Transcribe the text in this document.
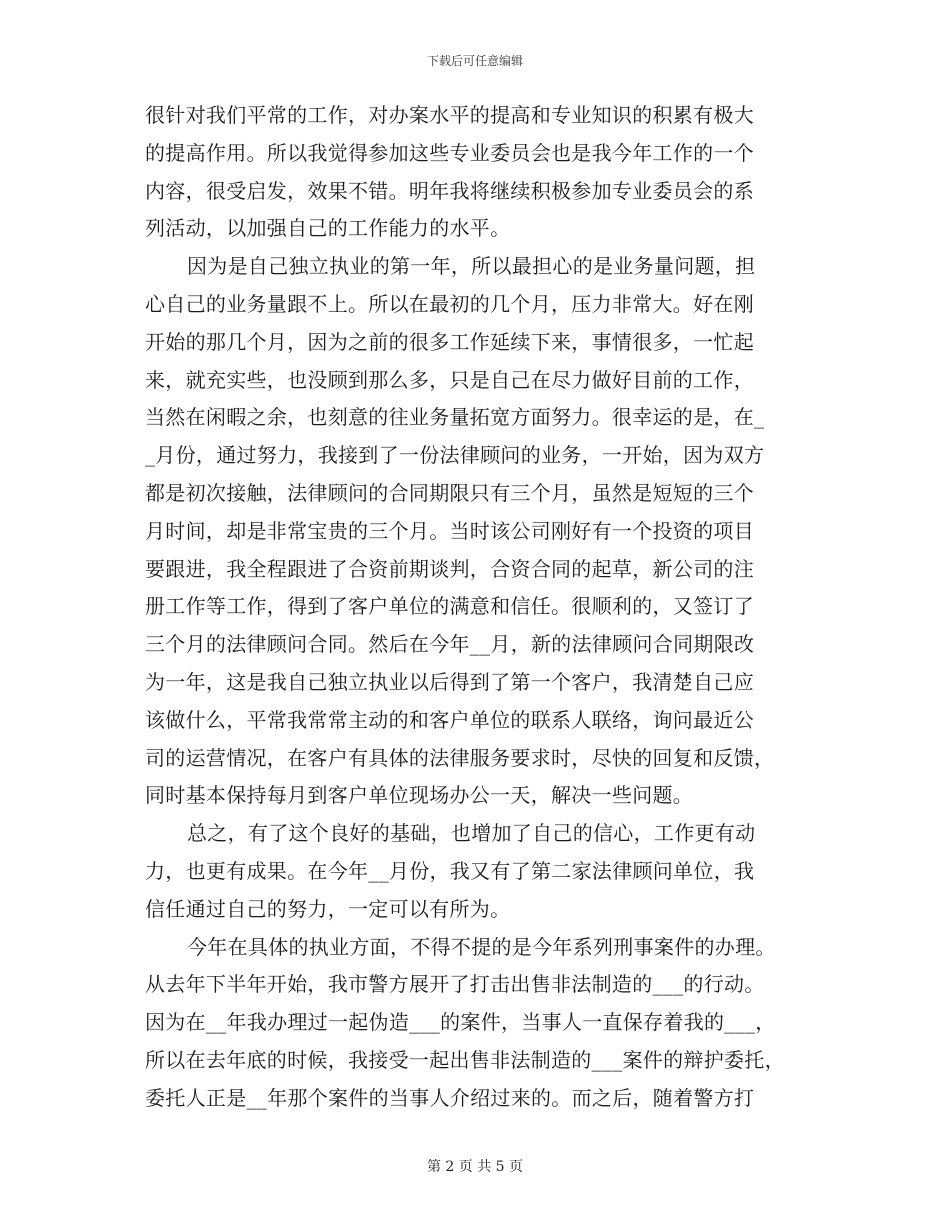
下载后可任意编辑
很针对我们平常的工作，对办案水平的提高和专业知识的积累有极大
的提高作用。所以我觉得参加这些专业委员会也是我今年工作的一个
内容，很受启发，效果不错。明年我将继续积极参加专业委员会的系
列活动，以加强自己的工作能力的水平。
因为是自己独立执业的第一年，所以最担心的是业务量问题，担
心自己的业务量跟不上。所以在最初的几个月，压力非常大。好在刚
开始的那几个月，因为之前的很多工作延续下来，事情很多，一忙起
来，就充实些，也没顾到那么多，只是自己在尽力做好目前的工作，
当然在闲暇之余，也刻意的往业务量拓宽方面努力。很幸运的是，在_
_月份，通过努力，我接到了一份法律顾问的业务，一开始，因为双方
都是初次接触，法律顾问的合同期限只有三个月，虽然是短短的三个
月时间，却是非常宝贵的三个月。当时该公司刚好有一个投资的项目
要跟进，我全程跟进了合资前期谈判，合资合同的起草，新公司的注
册工作等工作，得到了客户单位的满意和信任。很顺利的，又签订了
三个月的法律顾问合同。然后在今年__月，新的法律顾问合同期限改
为一年，这是我自己独立执业以后得到了第一个客户，我清楚自己应
该做什么，平常我常常主动的和客户单位的联系人联络，询问最近公
司的运营情况，在客户有具体的法律服务要求时，尽快的回复和反馈，
同时基本保持每月到客户单位现场办公一天，解决一些问题。
总之，有了这个良好的基础，也增加了自己的信心，工作更有动
力，也更有成果。在今年__月份，我又有了第二家法律顾问单位，我
信任通过自己的努力，一定可以有所为。
今年在具体的执业方面，不得不提的是今年系列刑事案件的办理。
从去年下半年开始，我市警方展开了打击出售非法制造的___的行动。
因为在__年我办理过一起伪造___的案件，当事人一直保存着我的___，
所以在去年底的时候，我接受一起出售非法制造的___案件的辩护委托，
委托人正是__年那个案件的当事人介绍过来的。而之后，随着警方打
第 2 页 共 5 页
